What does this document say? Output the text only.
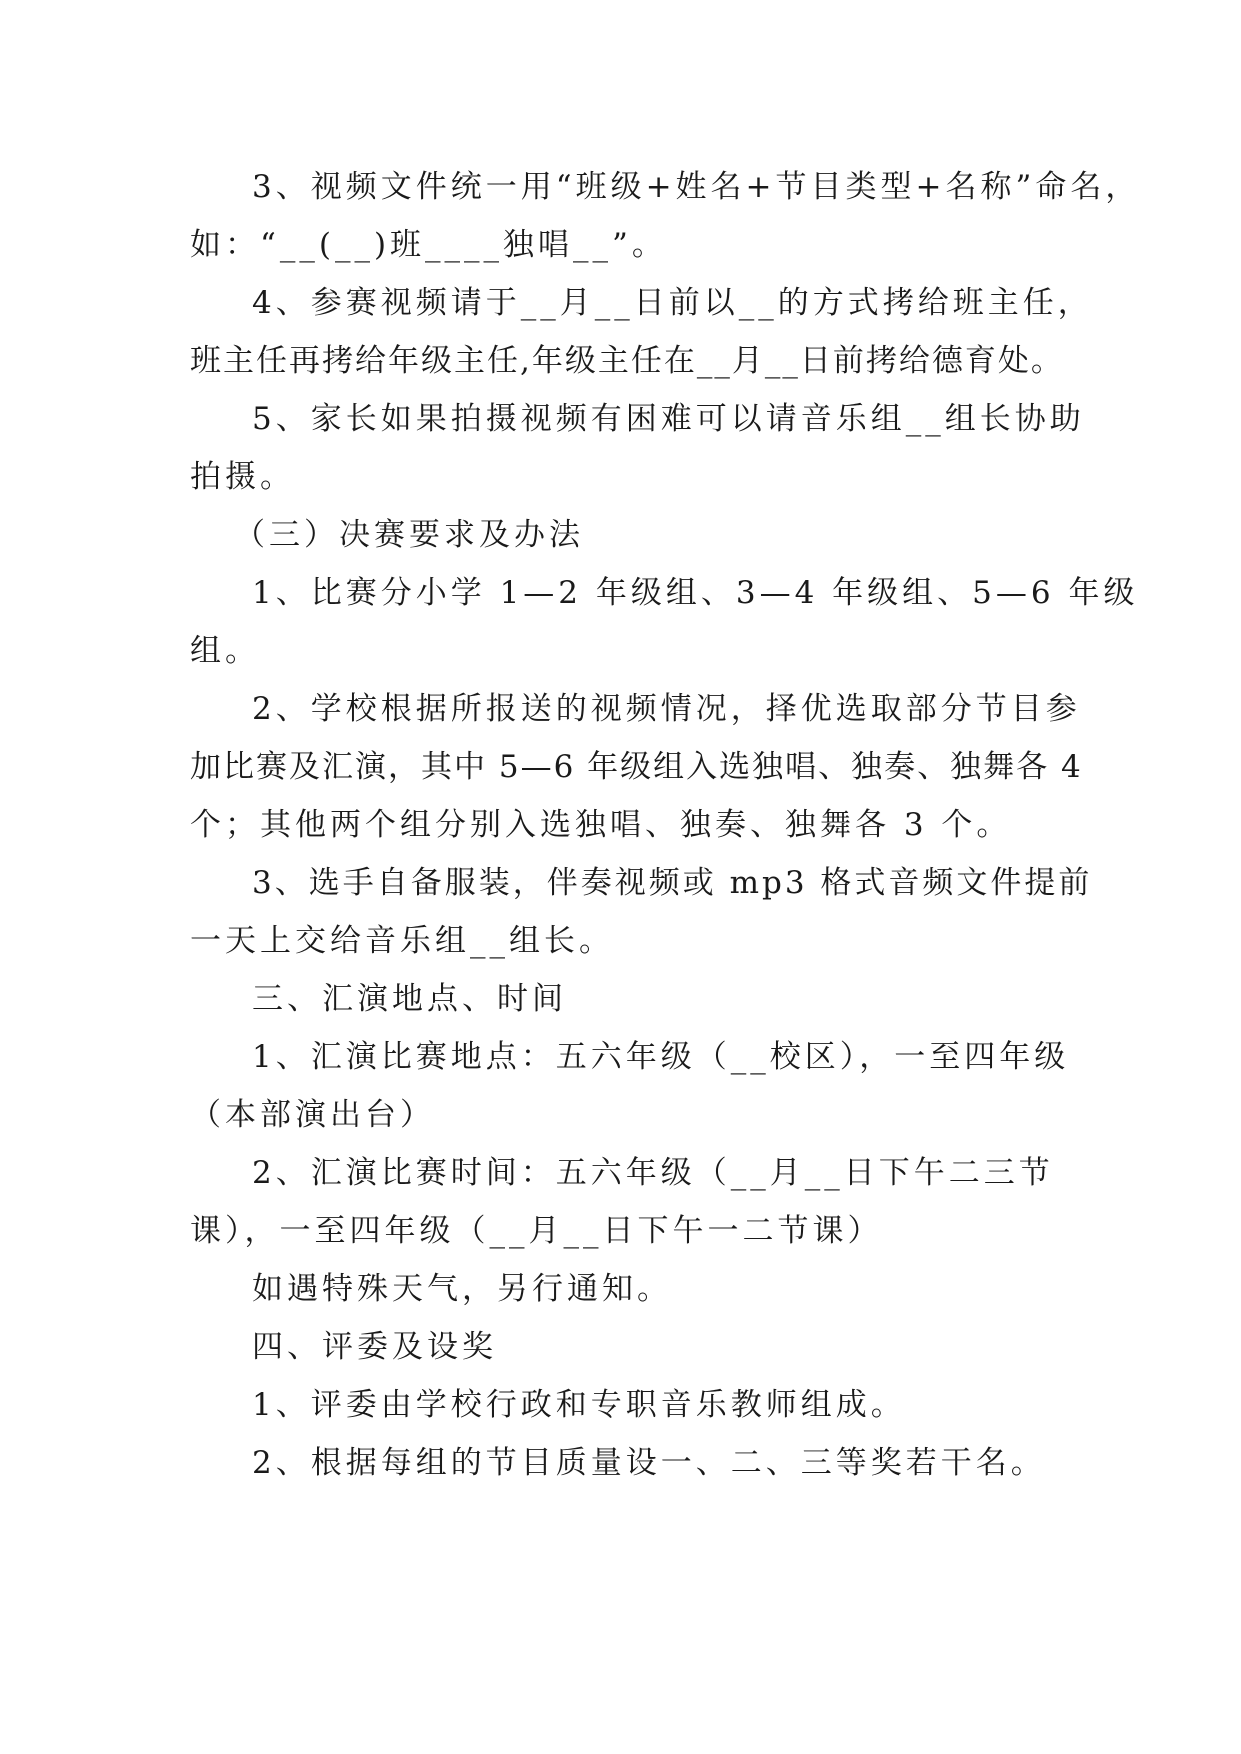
3、视频文件统一用“班级+姓名+节目类型+名称”命名，
如：“__(__)班____独唱__”。
4、参赛视频请于__月__日前以__的方式拷给班主任，
班主任再拷给年级主任,年级主任在__月__日前拷给德育处。
5、家长如果拍摄视频有困难可以请音乐组__组长协助
拍摄。
（三）决赛要求及办法
1、比赛分小学 1—2 年级组、3—4 年级组、5—6 年级
组。
2、学校根据所报送的视频情况，择优选取部分节目参
加比赛及汇演，其中 5—6 年级组入选独唱、独奏、独舞各 4
个；其他两个组分别入选独唱、独奏、独舞各 3 个。
3、选手自备服装，伴奏视频或 mp3 格式音频文件提前
一天上交给音乐组__组长。
三、汇演地点、时间
1、汇演比赛地点：五六年级（__校区），一至四年级
（本部演出台）
2、汇演比赛时间：五六年级（__月__日下午二三节
课），一至四年级（__月__日下午一二节课）
如遇特殊天气，另行通知。
四、评委及设奖
1、评委由学校行政和专职音乐教师组成。
2、根据每组的节目质量设一、二、三等奖若干名。
